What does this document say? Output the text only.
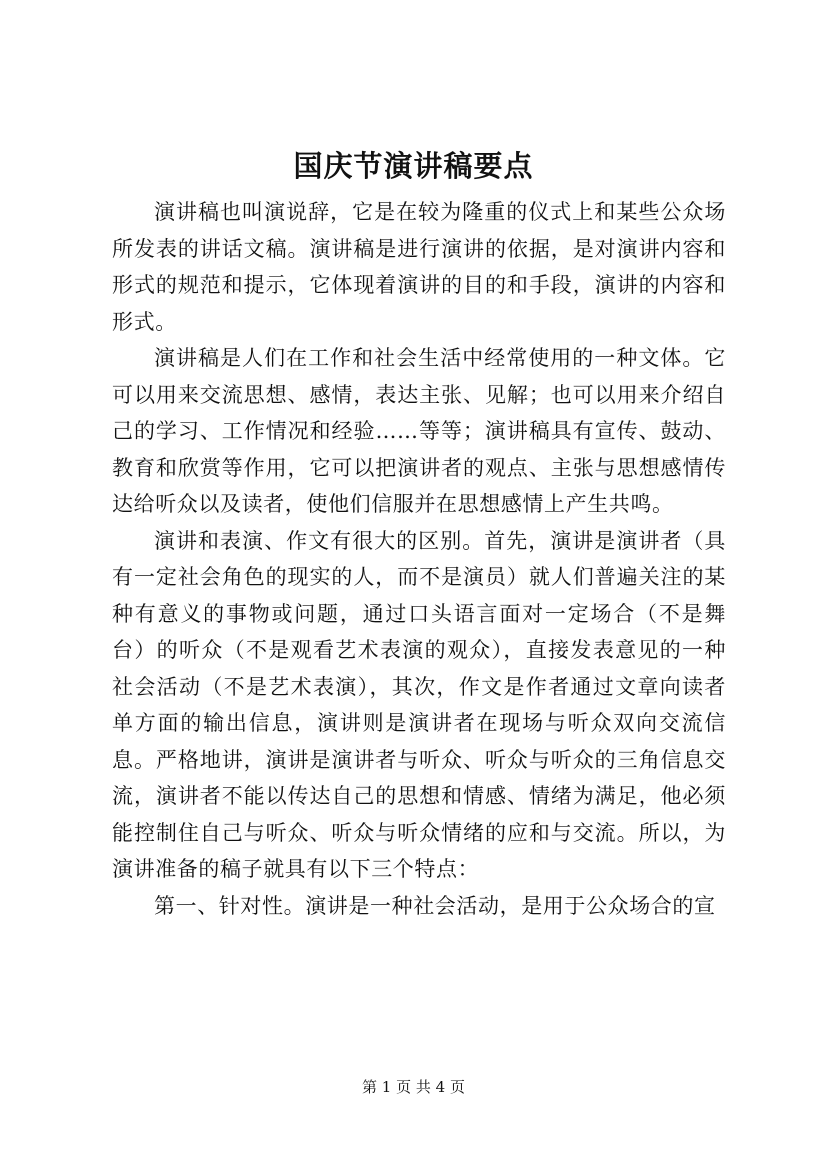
国庆节演讲稿要点

演讲稿也叫演说辞，它是在较为隆重的仪式上和某些公众场所发表的讲话文稿。演讲稿是进行演讲的依据，是对演讲内容和形式的规范和提示，它体现着演讲的目的和手段，演讲的内容和形式。

演讲稿是人们在工作和社会生活中经常使用的一种文体。它可以用来交流思想、感情，表达主张、见解；也可以用来介绍自己的学习、工作情况和经验……等等；演讲稿具有宣传、鼓动、教育和欣赏等作用，它可以把演讲者的观点、主张与思想感情传达给听众以及读者，使他们信服并在思想感情上产生共鸣。

演讲和表演、作文有很大的区别。首先，演讲是演讲者（具有一定社会角色的现实的人，而不是演员）就人们普遍关注的某种有意义的事物或问题，通过口头语言面对一定场合（不是舞台）的听众（不是观看艺术表演的观众），直接发表意见的一种社会活动（不是艺术表演），其次，作文是作者通过文章向读者单方面的输出信息，演讲则是演讲者在现场与听众双向交流信息。严格地讲，演讲是演讲者与听众、听众与听众的三角信息交流，演讲者不能以传达自己的思想和情感、情绪为满足，他必须能控制住自己与听众、听众与听众情绪的应和与交流。所以，为演讲准备的稿子就具有以下三个特点：

第一、针对性。演讲是一种社会活动，是用于公众场合的宣

第 1 页 共 4 页
